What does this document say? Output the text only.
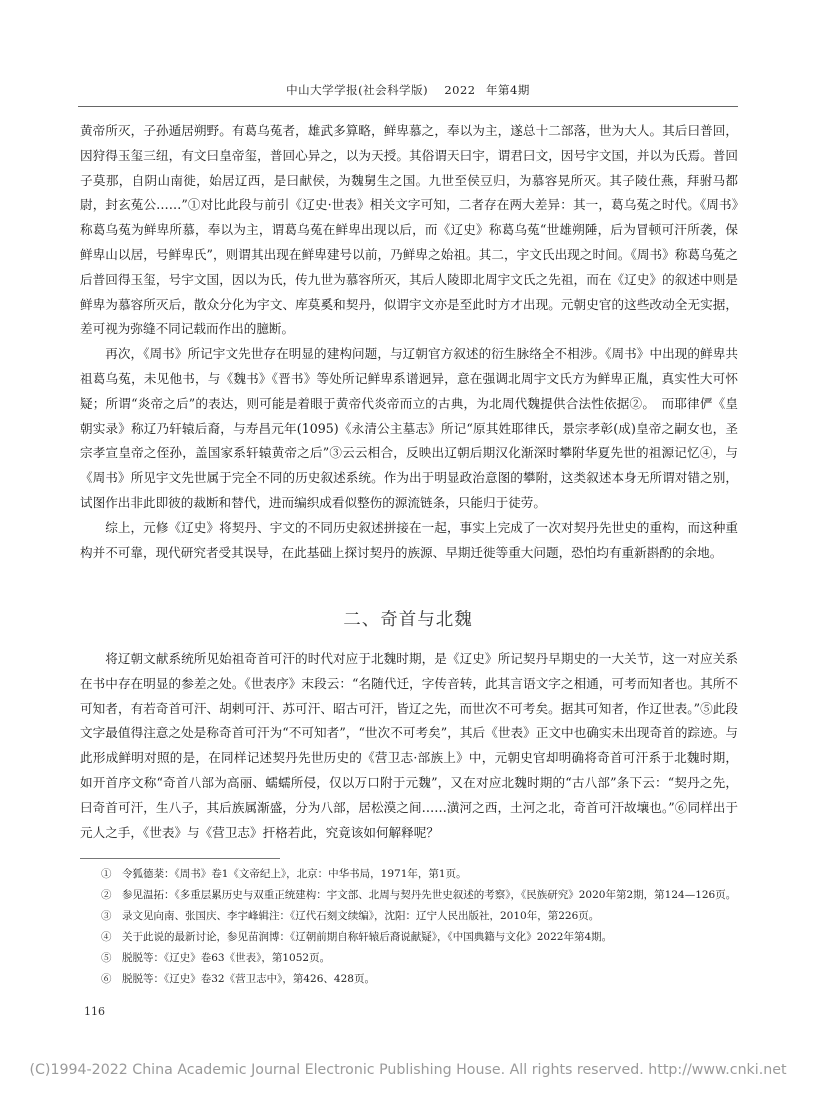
中山大学学报(社会科学版)  2022  年第4期

黄帝所灭，子孙遁居朔野。有葛乌菟者，雄武多算略，鲜卑慕之，奉以为主，遂总十二部落，世为大人。其后曰普回，因狩得玉玺三纽，有文曰皇帝玺，普回心异之，以为天授。其俗谓天曰宇，谓君曰文，因号宇文国，并以为氏焉。普回子莫那，自阴山南徙，始居辽西，是曰献侯，为魏舅生之国。九世至侯豆归，为慕容晃所灭。其子陵仕燕，拜驸马都尉，封玄菟公……”①对比此段与前引《辽史·世表》相关文字可知，二者存在两大差异：其一，葛乌菟之时代。《周书》称葛乌菟为鲜卑所慕，奉以为主，谓葛乌菟在鲜卑出现以后，而《辽史》称葛乌菟“世雄朔陲，后为冒顿可汗所袭，保鲜卑山以居，号鲜卑氏”，则谓其出现在鲜卑建号以前，乃鲜卑之始祖。其二，宇文氏出现之时间。《周书》称葛乌菟之后普回得玉玺，号宇文国，因以为氏，传九世为慕容所灭，其后人陵即北周宇文氏之先祖，而在《辽史》的叙述中则是鲜卑为慕容所灭后，散众分化为宇文、库莫奚和契丹，似谓宇文亦是至此时方才出现。元朝史官的这些改动全无实据，差可视为弥缝不同记载而作出的臆断。

再次，《周书》所记宇文先世存在明显的建构问题，与辽朝官方叙述的衍生脉络全不相涉。《周书》中出现的鲜卑共祖葛乌菟，未见他书，与《魏书》《晋书》等处所记鲜卑系谱迥异，意在强调北周宇文氏方为鲜卑正胤，真实性大可怀疑；所谓“炎帝之后”的表达，则可能是着眼于黄帝代炎帝而立的古典，为北周代魏提供合法性依据②。　而耶律俨《皇朝实录》称辽乃轩辕后裔，与寿昌元年(1095)《永清公主墓志》所记“原其姓耶律氏，景宗孝彰(成)皇帝之嗣女也，圣宗孝宣皇帝之侄孙，盖国家系轩辕黄帝之后”③云云相合，反映出辽朝后期汉化渐深时攀附华夏先世的祖源记忆④，与《周书》所见宇文先世属于完全不同的历史叙述系统。作为出于明显政治意图的攀附，这类叙述本身无所谓对错之别，试图作出非此即彼的裁断和替代，进而编织成看似整伤的源流链条，只能归于徒劳。

综上，元修《辽史》将契丹、宇文的不同历史叙述拼接在一起，事实上完成了一次对契丹先世史的重构，而这种重构并不可靠，现代研究者受其误导，在此基础上探讨契丹的族源、早期迁徙等重大问题，恐怕均有重新斟酌的余地。

二、奇首与北魏

将辽朝文献系统所见始祖奇首可汗的时代对应于北魏时期，是《辽史》所记契丹早期史的一大关节，这一对应关系在书中存在明显的参差之处。《世表序》末段云：“名随代迁，字传音转，此其言语文字之相通，可考而知者也。其所不可知者，有若奇首可汗、胡剌可汗、苏可汗、昭古可汗，皆辽之先，而世次不可考矣。据其可知者，作辽世表。”⑤此段文字最值得注意之处是称奇首可汗为“不可知者”，“世次不可考矣”，其后《世表》正文中也确实未出现奇首的踪迹。与此形成鲜明对照的是，在同样记述契丹先世历史的《营卫志·部族上》中，元朝史官却明确将奇首可汗系于北魏时期，如开首序文称“奇首八部为高丽、蠕蠕所侵，仅以万口附于元魏”，又在对应北魏时期的“古八部”条下云：“契丹之先，曰奇首可汗，生八子，其后族属渐盛，分为八部，居松漠之间……潢河之西，土河之北，奇首可汗故壤也。”⑥同样出于元人之手，《世表》与《营卫志》扞格若此，究竟该如何解释呢？

①　令狐德棻：《周书》卷1《文帝纪上》，北京：中华书局，1971年，第1页。

②　参见温拓：《多重层累历史与双重正统建构：宇文部、北周与契丹先世史叙述的考察》，《民族研究》2020年第2期，第124—126页。

③　录文见向南、张国庆、李宇峰辑注：《辽代石刻文续编》，沈阳：辽宁人民出版社，2010年，第226页。

④　关于此说的最新讨论，参见苗润博：《辽朝前期自称轩辕后裔说献疑》，《中国典籍与文化》2022年第4期。

⑤　脱脱等：《辽史》卷63《世表》，第1052页。

⑥　脱脱等：《辽史》卷32《营卫志中》，第426、428页。

116
(C)1994-2022 China Academic Journal Electronic Publishing House. All rights reserved. http://www.cnki.net
